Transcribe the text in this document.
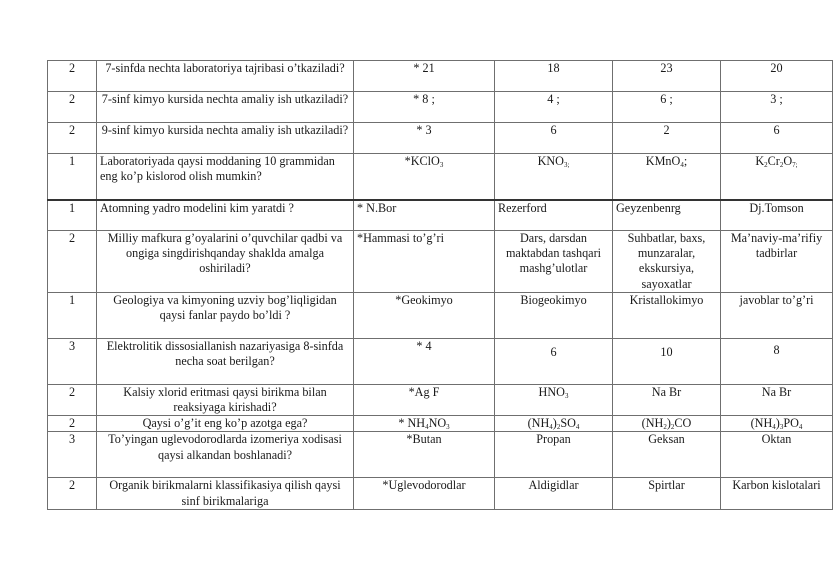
2	7-sinfda nechta laboratoriya tajribasi o’tkaziladi?	* 21	18	23	20
2	7-sinf kimyo kursida nechta amaliy ish utkaziladi?	* 8 ;	4 ;	6 ;	3 ;
2	9-sinf kimyo kursida nechta amaliy ish utkaziladi?	* 3	6	2	6
1	Laboratoriyada qaysi moddaning 10 grammidan eng ko’p kislorod olish mumkin?	*KClO$_3$	$KNO_{3;}$	KMnO$_4$;	$K_2Cr_2O_{7;}$
1	Atomning yadro modelini kim yaratdi ?	* N.Bor	Rezerford	Geyzenbenrg	Dj.Tomson
2	Milliy mafkura g’oyalarini o’quvchilar qadbi va ongiga singdirishqanday shaklda amalga oshiriladi?	*Hammasi to’g’ri	Dars, darsdan maktabdan tashqari mashg’ulotlar	Suhbatlar, baxs, munzaralar, ekskursiya, sayoxatlar	Ma’naviy-ma’rifiy tadbirlar
1	Geologiya va kimyoning uzviy bog’liqligidan qaysi fanlar paydo bo’ldi ?	*Geokimyo	Biogeokimyo	Kristallokimyo	javoblar to’g’ri
3	Elektrolitik dissosiallanish nazariyasiga 8-sinfda necha soat berilgan?	* 4	6	10	8
2	Kalsiy xlorid eritmasi qaysi birikma bilan reaksiyaga kirishadi?	*Ag F	$HNO_3$	Na Br	Na Br
2	Qaysi o’g’it eng ko’p azotga ega?	* $NH_4NO_3$	$(NH_4)_2SO_4$	$(NH_2)_2CO$	$(NH_4)_3PO_4$
3	To’yingan uglevodorodlarda izomeriya xodisasi qaysi alkandan boshlanadi?	*Butan	Propan	Geksan	Oktan
2	Organik birikmalarni klassifikasiya qilish qaysi sinf birikmalariga	*Uglevodorodlar	Aldigidlar	Spirtlar	Karbon kislotalari
